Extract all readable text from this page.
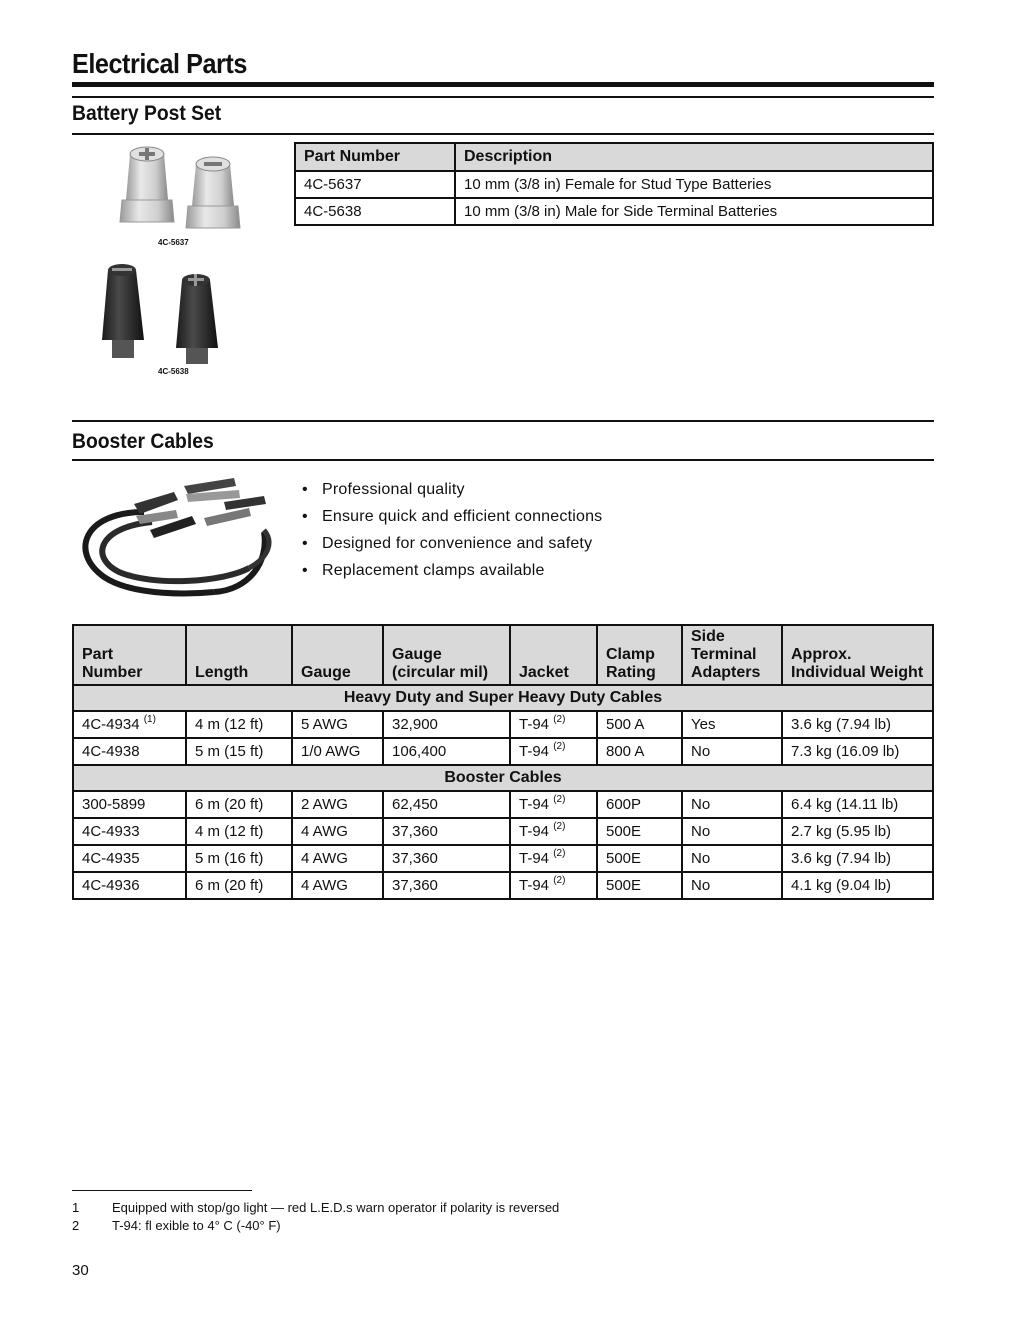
Electrical Parts
Battery Post Set
4C-5637
4C-5638
Part Number	Description
4C-5637	10 mm (3/8 in) Female for Stud Type Batteries
4C-5638	10 mm (3/8 in) Male for Side Terminal Batteries
Booster Cables
• Professional quality
• Ensure quick and efficient connections
• Designed for convenience and safety
• Replacement clamps available
Part Number	Length	Gauge	Gauge (circular mil)	Jacket	Clamp Rating	Side Terminal Adapters	Approx. Individual Weight
Heavy Duty and Super Heavy Duty Cables							
4C-4934 $^{(1)}$	4 m (12 ft)	5 AWG	32,900	T-94 $^{(2)}$	500 A	Yes	3.6 kg (7.94 lb)
4C-4938	5 m (15 ft)	1/0 AWG	106,400	T-94 $^{(2)}$	800 A	No	7.3 kg (16.09 lb)
Booster Cables							
300-5899	6 m (20 ft)	2 AWG	62,450	T-94 $^{(2)}$	600P	No	6.4 kg (14.11 lb)
4C-4933	4 m (12 ft)	4 AWG	37,360	T-94 $^{(2)}$	500E	No	2.7 kg (5.95 lb)
4C-4935	5 m (16 ft)	4 AWG	37,360	T-94 $^{(2)}$	500E	No	3.6 kg (7.94 lb)
4C-4936	6 m (20 ft)	4 AWG	37,360	T-94 $^{(2)}$	500E	No	4.1 kg (9.04 lb)
1	Equipped with stop/go light — red L.E.D.s warn operator if polarity is reversed
2	T-94: fl exible to 4° C (-40° F)
30
